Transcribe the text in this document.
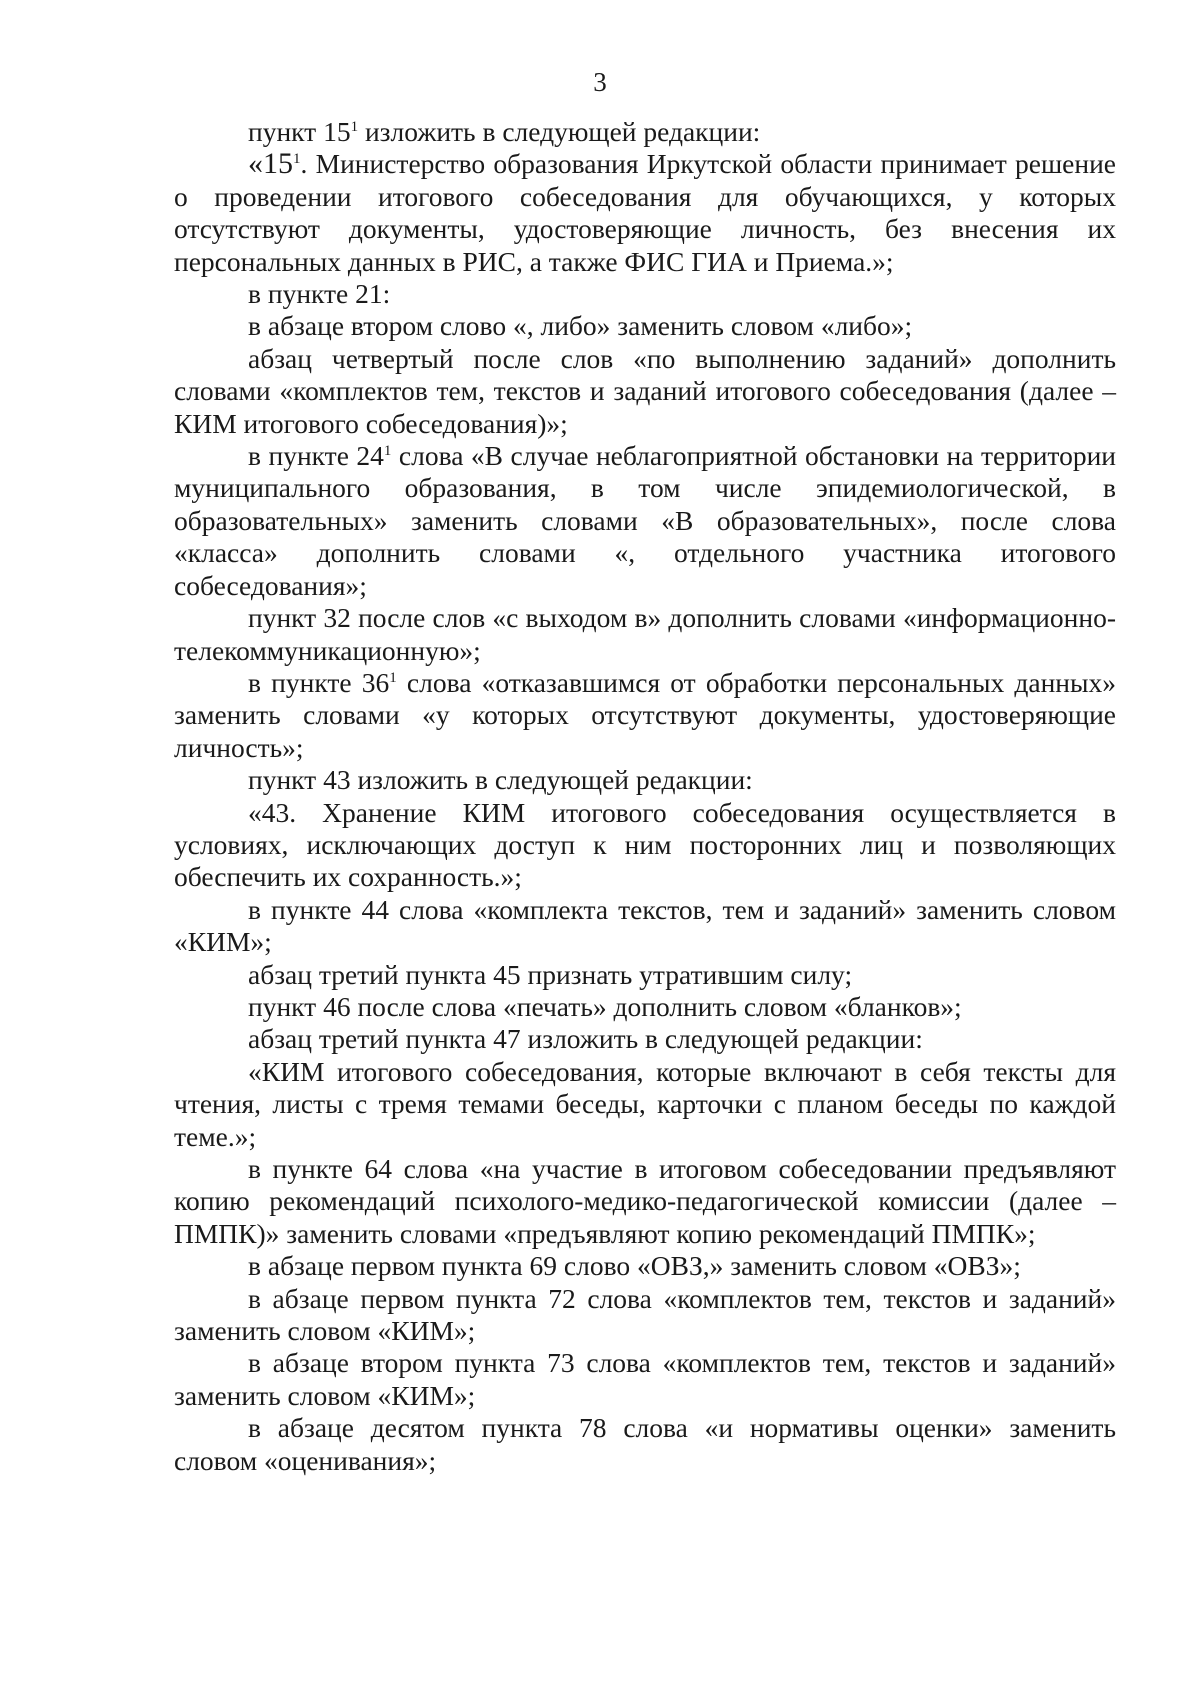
3

пункт $15^1$ изложить в следующей редакции:

«$15^1$. Министерство образования Иркутской области принимает решение о проведении итогового собеседования для обучающихся, у которых отсутствуют документы, удостоверяющие личность, без внесения их персональных данных в РИС, а также ФИС ГИА и Приема.»;

в пункте 21:

в абзаце втором слово «, либо» заменить словом «либо»;

абзац четвертый после слов «по выполнению заданий» дополнить словами «комплектов тем, текстов и заданий итогового собеседования (далее – КИМ итогового собеседования)»;

в пункте $24^1$ слова «В случае неблагоприятной обстановки на территории муниципального образования, в том числе эпидемиологической, в образовательных» заменить словами «В образовательных», после слова «класса» дополнить словами «, отдельного участника итогового собеседования»;

пункт 32 после слов «с выходом в» дополнить словами «информационно-телекоммуникационную»;

в пункте $36^1$ слова «отказавшимся от обработки персональных данных» заменить словами «у которых отсутствуют документы, удостоверяющие личность»;

пункт 43 изложить в следующей редакции:

«43. Хранение КИМ итогового собеседования осуществляется в условиях, исключающих доступ к ним посторонних лиц и позволяющих обеспечить их сохранность.»;

в пункте 44 слова «комплекта текстов, тем и заданий» заменить словом «КИМ»;

абзац третий пункта 45 признать утратившим силу;

пункт 46 после слова «печать» дополнить словом «бланков»;

абзац третий пункта 47 изложить в следующей редакции:

«КИМ итогового собеседования, которые включают в себя тексты для чтения, листы с тремя темами беседы, карточки с планом беседы по каждой теме.»;

в пункте 64 слова «на участие в итоговом собеседовании предъявляют копию рекомендаций психолого-медико-педагогической комиссии (далее – ПМПК)» заменить словами «предъявляют копию рекомендаций ПМПК»;

в абзаце первом пункта 69 слово «ОВЗ,» заменить словом «ОВЗ»;

в абзаце первом пункта 72 слова «комплектов тем, текстов и заданий» заменить словом «КИМ»;

в абзаце втором пункта 73 слова «комплектов тем, текстов и заданий» заменить словом «КИМ»;

в абзаце десятом пункта 78 слова «и нормативы оценки» заменить словом «оценивания»;
